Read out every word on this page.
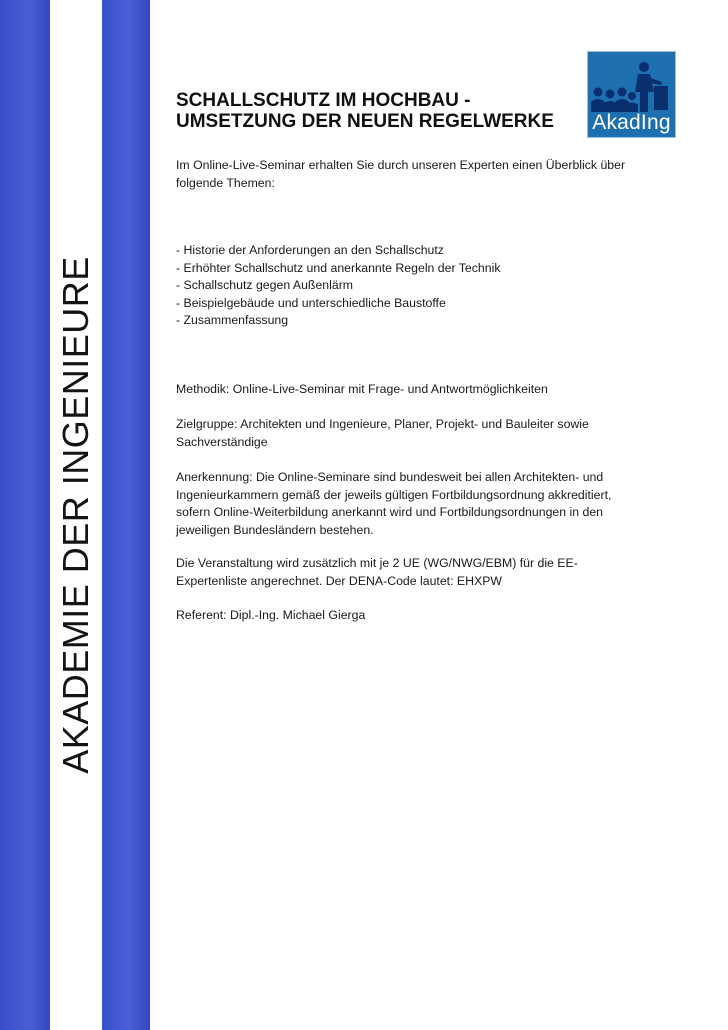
AKADEMIE DER INGENIEURE
AkadIng
SCHALLSCHUTZ IM HOCHBAU -
UMSETZUNG DER NEUEN REGELWERKE

Im Online-Live-Seminar erhalten Sie durch unseren Experten einen Überblick über folgende Themen:

- Historie der Anforderungen an den Schallschutz
- Erhöhter Schallschutz und anerkannte Regeln der Technik
- Schallschutz gegen Außenlärm
- Beispielgebäude und unterschiedliche Baustoffe
- Zusammenfassung

Methodik: Online-Live-Seminar mit Frage- und Antwortmöglichkeiten

Zielgruppe: Architekten und Ingenieure, Planer, Projekt- und Bauleiter sowie Sachverständige

Anerkennung: Die Online-Seminare sind bundesweit bei allen Architekten- und Ingenieurkammern gemäß der jeweils gültigen Fortbildungsordnung akkreditiert, sofern Online-Weiterbildung anerkannt wird und Fortbildungsordnungen in den jeweiligen Bundesländern bestehen.

Die Veranstaltung wird zusätzlich mit je 2 UE (WG/NWG/EBM) für die EE-Expertenliste angerechnet. Der DENA-Code lautet: EHXPW

Referent: Dipl.-Ing. Michael Gierga
